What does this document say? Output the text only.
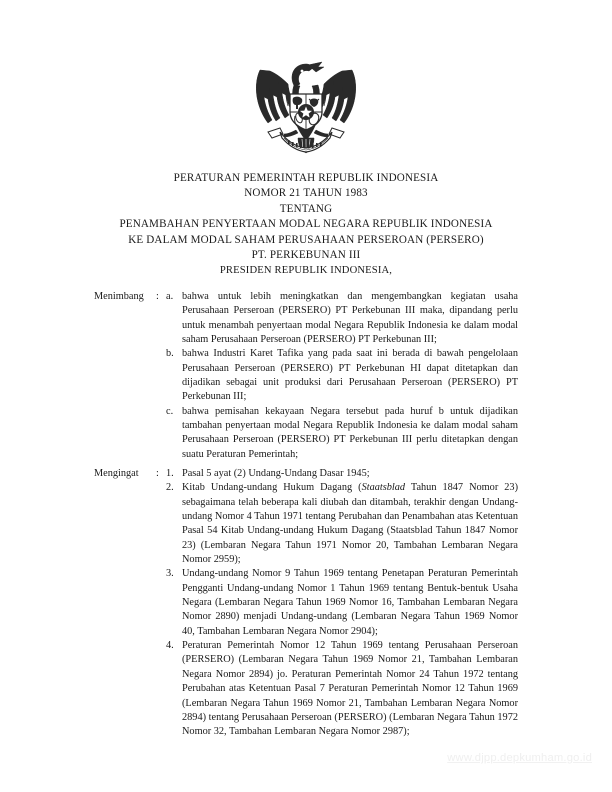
PERATURAN PEMERINTAH REPUBLIK INDONESIA
NOMOR 21 TAHUN 1983
TENTANG
PENAMBAHAN PENYERTAAN MODAL NEGARA REPUBLIK INDONESIA
KE DALAM MODAL SAHAM PERUSAHAAN PERSEROAN (PERSERO)
PT. PERKEBUNAN III
PRESIDEN REPUBLIK INDONESIA,
Menimbang	: a. bahwa untuk lebih meningkatkan dan mengembangkan kegiatan usaha Perusahaan Perseroan (PERSERO) PT Perkebunan III maka, dipandang perlu untuk menambah penyertaan modal Negara Republik Indonesia ke dalam modal saham Perusahaan Perseroan (PERSERO) PT Perkebunan III;
b. bahwa Industri Karet Tafika yang pada saat ini berada di bawah pengelolaan Perusahaan Perseroan (PERSERO) PT Perkebunan HI dapat ditetapkan dan dijadikan sebagai unit produksi dari Perusahaan Perseroan (PERSERO) PT Perkebunan III;
c. bahwa pemisahan kekayaan Negara tersebut pada huruf b untuk dijadikan tambahan penyertaan modal Negara Republik Indonesia ke dalam modal saham Perusahaan Perseroan (PERSERO) PT Perkebunan III perlu ditetapkan dengan suatu Peraturan Pemerintah;
Mengingat	: 1. Pasal 5 ayat (2) Undang-Undang Dasar 1945;
2. Kitab Undang-undang Hukum Dagang (Staatsblad Tahun 1847 Nomor 23) sebagaimana telah beberapa kali diubah dan ditambah, terakhir dengan Undang-undang Nomor 4 Tahun 1971 tentang Perubahan dan Penambahan atas Ketentuan Pasal 54 Kitab Undang-undang Hukum Dagang (Staatsblad Tahun 1847 Nomor 23) (Lembaran Negara Tahun 1971 Nomor 20, Tambahan Lembaran Negara Nomor 2959);
3. Undang-undang Nomor 9 Tahun 1969 tentang Penetapan Peraturan Pemerintah Pengganti Undang-undang Nomor 1 Tahun 1969 tentang Bentuk-bentuk Usaha Negara (Lembaran Negara Tahun 1969 Nomor 16, Tambahan Lembaran Negara Nomor 2890) menjadi Undang-undang (Lembaran Negara Tahun 1969 Nomor 40, Tambahan Lembaran Negara Nomor 2904);
4. Peraturan Pemerintah Nomor 12 Tahun 1969 tentang Perusahaan Perseroan (PERSERO) (Lembaran Negara Tahun 1969 Nomor 21, Tambahan Lembaran Negara Nomor 2894) jo. Peraturan Pemerintah Nomor 24 Tahun 1972 tentang Perubahan atas Ketentuan Pasal 7 Peraturan Pemerintah Nomor 12 Tahun 1969 (Lembaran Negara Tahun 1969 Nomor 21, Tambahan Lembaran Negara Nomor 2894) tentang Perusahaan Perseroan (PERSERO) (Lembaran Negara Tahun 1972 Nomor 32, Tambahan Lembaran Negara Nomor 2987);
www.djpp.depkumham.go.id
